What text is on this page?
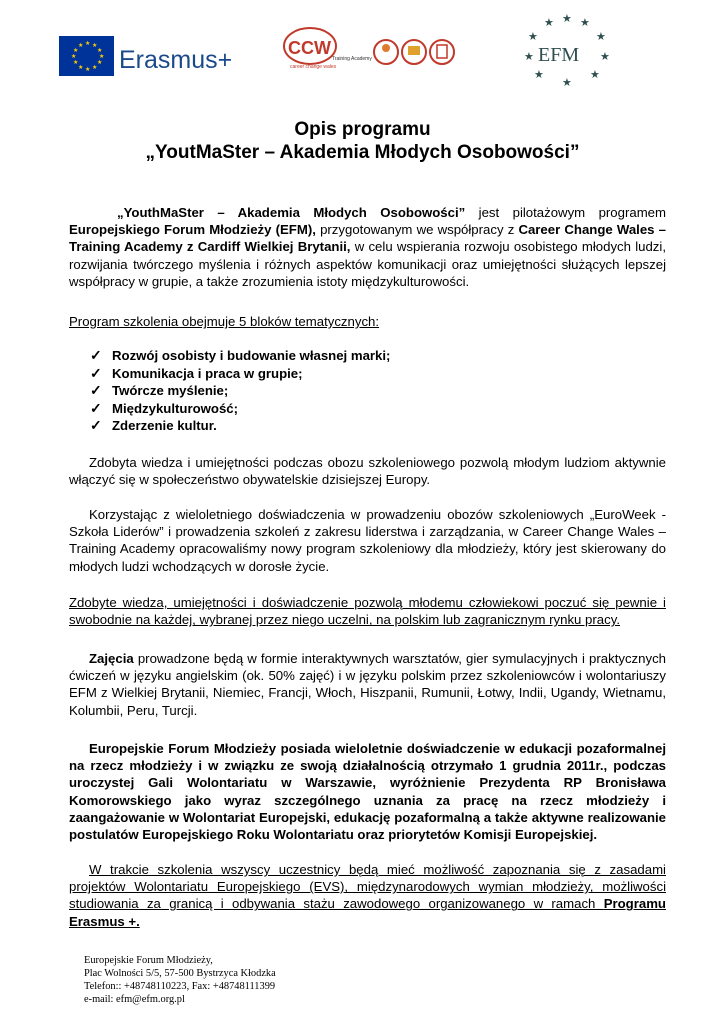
★ ★
★
★
★
★
★
★
★
★
★
★ Erasmus+	CCW
Training Academy
career change wales
★ ★ ★
★	★
★	★
★	★
★
EFM
Opis programu
„YoutMaSter – Akademia Młodych Osobowości”
„YouthMaSter – Akademia Młodych Osobowości” jest pilotażowym programem Europejskiego Forum Młodzieży (EFM), przygotowanym we współpracy z Career Change Wales – Training Academy z Cardiff Wielkiej Brytanii, w celu wspierania rozwoju osobistego młodych ludzi, rozwijania twórczego myślenia i różnych aspektów komunikacji oraz umiejętności służących lepszej współpracy w grupie, a także zrozumienia istoty międzykulturowości.
Program szkolenia obejmuje 5 bloków tematycznych:
✓ Rozwój osobisty i budowanie własnej marki;
✓ Komunikacja i praca w grupie;
✓ Twórcze myślenie;
✓ Międzykulturowość;
✓ Zderzenie kultur.
Zdobyta wiedza i umiejętności podczas obozu szkoleniowego pozwolą młodym ludziom aktywnie włączyć się w społeczeństwo obywatelskie dzisiejszej Europy.
Korzystając z wieloletniego doświadczenia w prowadzeniu obozów szkoleniowych „EuroWeek - Szkoła Liderów” i prowadzenia szkoleń z zakresu liderstwa i zarządzania, w Career Change Wales – Training Academy opracowaliśmy nowy program szkoleniowy dla młodzieży, który jest skierowany do młodych ludzi wchodzących w dorosłe życie.
Zdobyte wiedza, umiejętności i doświadczenie pozwolą młodemu człowiekowi poczuć się pewnie i swobodnie na każdej, wybranej przez niego uczelni, na polskim lub zagranicznym rynku pracy.
Zajęcia prowadzone będą w formie interaktywnych warsztatów, gier symulacyjnych i praktycznych ćwiczeń w języku angielskim (ok. 50% zajęć) i w języku polskim przez szkoleniowców i wolontariuszy EFM z Wielkiej Brytanii, Niemiec, Francji, Włoch, Hiszpanii, Rumunii, Łotwy, Indii, Ugandy, Wietnamu, Kolumbii, Peru, Turcji.
Europejskie Forum Młodzieży posiada wieloletnie doświadczenie w edukacji pozaformalnej na rzecz młodzieży i w związku ze swoją działalnością otrzymało 1 grudnia 2011r., podczas uroczystej Gali Wolontariatu w Warszawie, wyróżnienie Prezydenta RP Bronisława Komorowskiego jako wyraz szczególnego uznania za pracę na rzecz młodzieży i zaangażowanie w Wolontariat Europejski, edukację pozaformalną a także aktywne realizowanie postulatów Europejskiego Roku Wolontariatu oraz priorytetów Komisji Europejskiej.
W trakcie szkolenia wszyscy uczestnicy będą mieć możliwość zapoznania się z zasadami projektów Wolontariatu Europejskiego (EVS), międzynarodowych wymian młodzieży, możliwości studiowania za granicą i odbywania stażu zawodowego organizowanego w ramach Programu Erasmus +.
Europejskie Forum Młodzieży,
Plac Wolności 5/5, 57-500 Bystrzyca Kłodzka
Telefon:: +48748110223, Fax: +48748111399
e-mail: efm@efm.org.pl
